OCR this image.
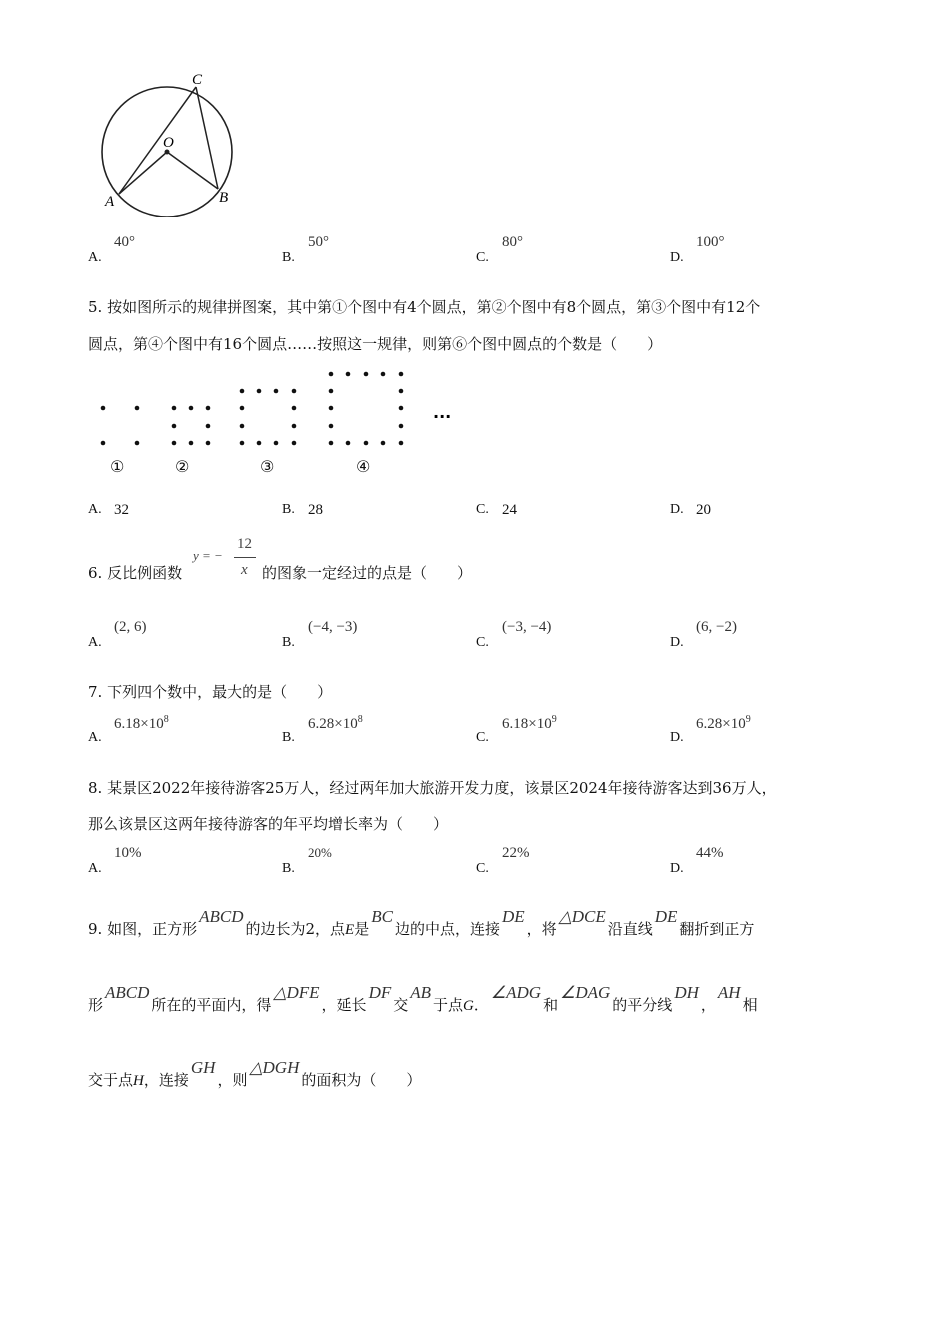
C
O
A	B
A.
40°
B.
50°
C.
80°
D.
100°
5. 按如图所示的规律拼图案，其中第①个图中有4个圆点，第②个图中有8个圆点，第③个图中有12个
圆点，第④个图中有16个圆点……按照这一规律，则第⑥个图中圆点的个数是（　　）
···
①	②	③	④
A. 32	B. 28	C. 24	D. 20
6. 反比例函数
y = −
12
x 的图象一定经过的点是（　　）
A.
(2, 6)
B.
(−4, −3)
C.
(−3, −4)
D.
(6, −2)
7. 下列四个数中，最大的是（　　）
A.
$6.18\times 10^8$
B.
$6.28\times 10^8$
C.
$6.18\times 10^9$
D.
$6.28\times 10^9$
8. 某景区2022年接待游客25万人，经过两年加大旅游开发力度，该景区2024年接待游客达到36万人，
那么该景区这两年接待游客的年平均增长率为（　　）
A.
10%
B.
20%
C.
22%
D.
44%
9. 如图，正方形ABCD的边长为2，点E是BC边的中点，连接DE，将△DCE沿直线DE翻折到正方
形ABCD所在的平面内，得△DFE，延长DF交AB于点G．∠ADG和∠DAG的平分线DH，AH相
交于点H，连接GH，则△DGH的面积为（　　）
